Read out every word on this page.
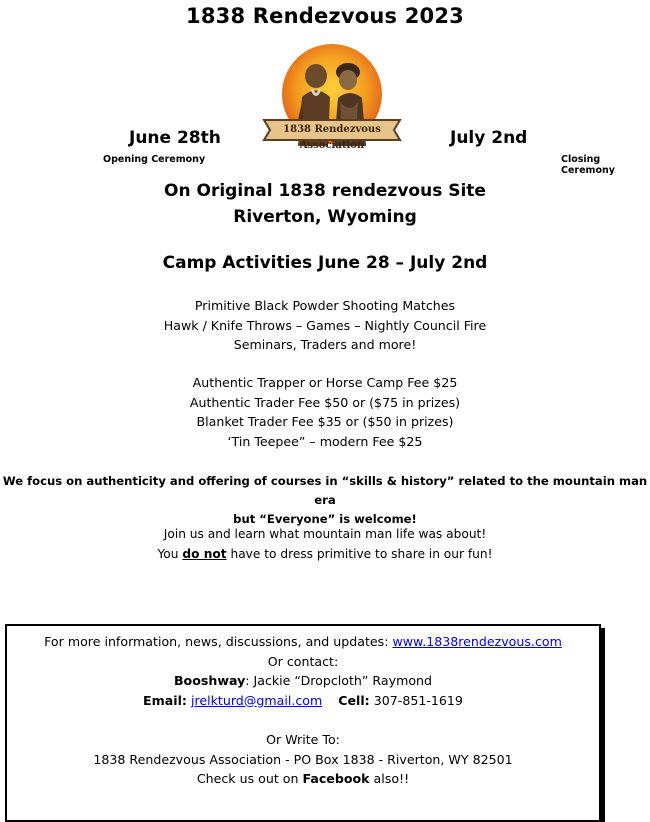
1838 Rendezvous 2023
1838 Rendezvous Association
June 28th	July 2nd
Opening Ceremony	Closing Ceremony
On Original 1838 rendezvous Site
Riverton, Wyoming
Camp Activities June 28 – July 2nd
Primitive Black Powder Shooting Matches
Hawk / Knife Throws – Games – Nightly Council Fire
Seminars, Traders and more!
Authentic Trapper or Horse Camp Fee $25
Authentic Trader Fee $50 or ($75 in prizes)
Blanket Trader Fee $35 or ($50 in prizes)
‘Tin Teepee” – modern Fee $25
We focus on authenticity and offering of courses in “skills & history” related to the mountain man era
but “Everyone” is welcome!
Join us and learn what mountain man life was about!
You do not have to dress primitive to share in our fun!
For more information, news, discussions, and updates: www.1838rendezvous.com
Or contact:
Booshway: Jackie “Dropcloth” Raymond
Email: jrelkturd@gmail.com Cell: 307-851-1619
Or Write To:
1838 Rendezvous Association - PO Box 1838 - Riverton, WY 82501
Check us out on Facebook also!!
